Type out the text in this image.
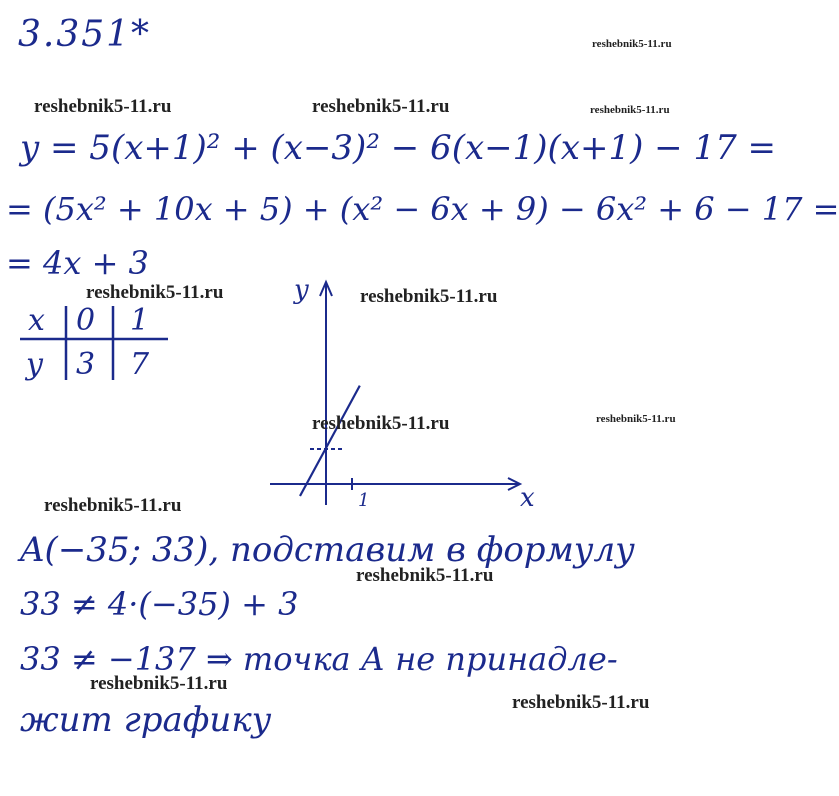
3.351*
y = 5(x+1)² + (x−3)² − 6(x−1)(x+1) − 17 =
= (5x² + 10x + 5) + (x² − 6x + 9) − 6x² + 6 − 17 =
= 4x + 3
x 0 1
y 3 7
y
x
1
A(−35; 33), подставим в формулу
33 ≠ 4·(−35) + 3
33 ≠ −137 ⇒ точка А не принадле-
жит графику
reshebnik5-11.ru
reshebnik5-11.ru	reshebnik5-11.ru	reshebnik5-11.ru
reshebnik5-11.ru	reshebnik5-11.ru
reshebnik5-11.ru
reshebnik5-11.ru
reshebnik5-11.ru
reshebnik5-11.ru
reshebnik5-11.ru
reshebnik5-11.ru
